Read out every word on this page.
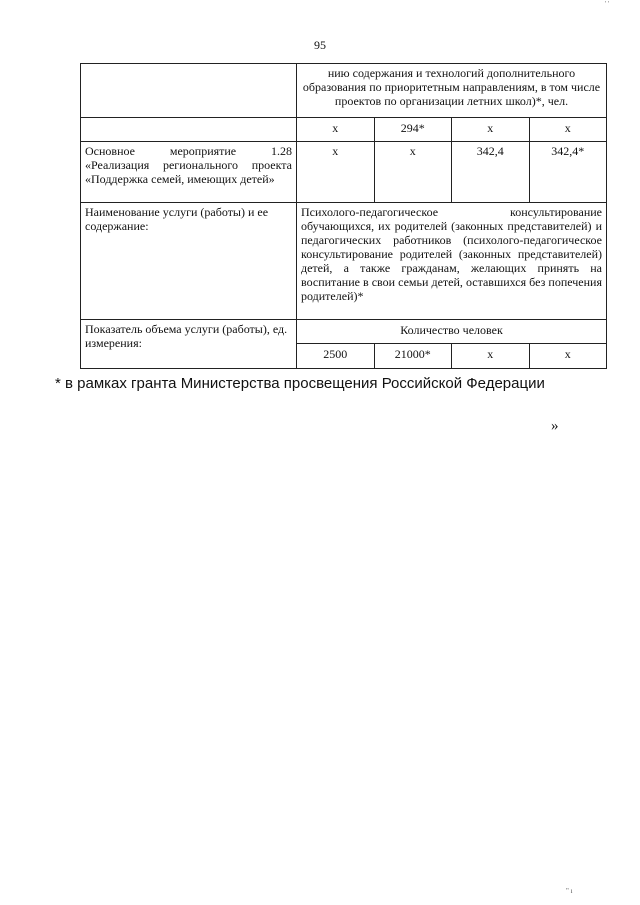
' '
95
	нию содержания и технологий дополнительного образования по приоритетным направлениям, в том числе проектов по организации летних школ)*, чел.			
	х	294*	х	х
Основное мероприятие 1.28 «Реализация регионального проекта «Поддержка семей, имеющих детей»	х	х	342,4	342,4*
Наименование услуги (работы) и ее содержание:	Психолого-педагогическое консультирование обучающихся, их родителей (законных представителей) и педагогических работников (психолого-педагогическое консультирование родителей (законных представителей) детей, а также гражданам, желающих принять на воспитание в свои семьи детей, оставшихся без попечения родителей)*			
Показатель объема услуги (работы), ед. измерения:	Количество человек			
	2500	21000*	х	х
* в рамках гранта Министерства просвещения Российской Федерации
»
" ı
